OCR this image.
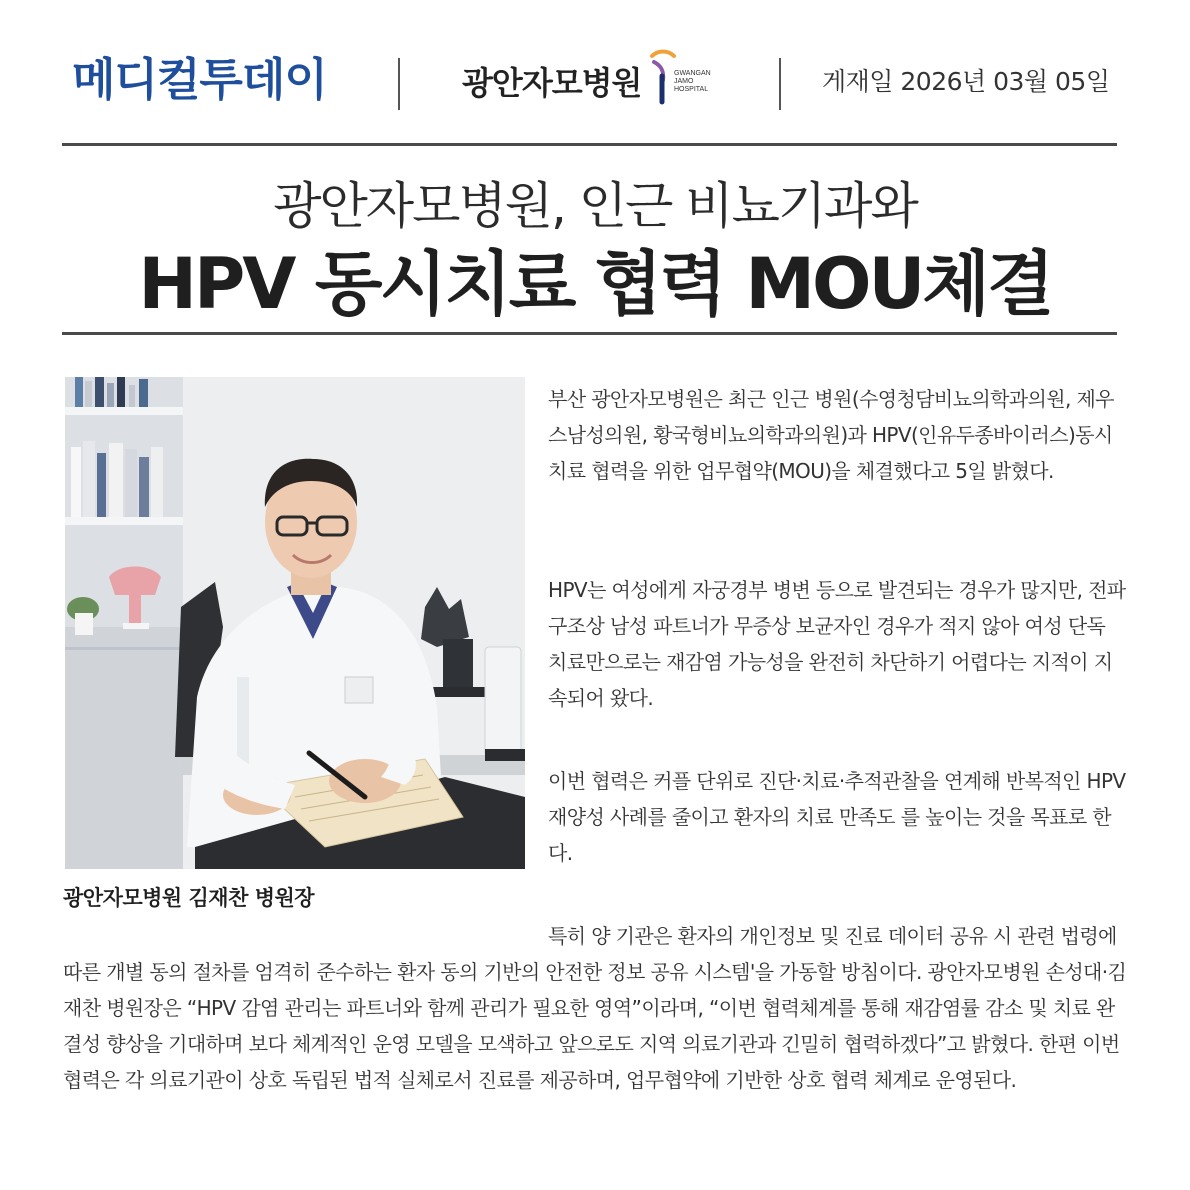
메디컬투데이	광안자모병원	GWANGAN
JAMO
HOSPITAL	게재일 2026년 03월 05일
광안자모병원, 인근 비뇨기과와
HPV 동시치료 협력 MOU체결
광안자모병원 김재찬 병원장
부산 광안자모병원은 최근 인근 병원(수영청담비뇨의학과의원, 제우스남성의원, 황국형비뇨의학과의원)과 HPV(인유두종바이러스)동시치료 협력을 위한 업무협약(MOU)을 체결했다고 5일 밝혔다.
HPV는 여성에게 자궁경부 병변 등으로 발견되는 경우가 많지만, 전파 구조상 남성 파트너가 무증상 보균자인 경우가 적지 않아 여성 단독 치료만으로는 재감염 가능성을 완전히 차단하기 어렵다는 지적이 지속되어 왔다.
이번 협력은 커플 단위로 진단·치료·추적관찰을 연계해 반복적인 HPV 재양성 사례를 줄이고 환자의 치료 만족도 를 높이는 것을 목표로 한다.
특히 양 기관은 환자의 개인정보 및 진료 데이터 공유 시 관련 법령에 따른 개별 동의 절차를 엄격히 준수하는 환자 동의 기반의 안전한 정보 공유 시스템'을 가동할 방침이다. 광안자모병원 손성대·김재찬 병원장은 “HPV 감염 관리는 파트너와 함께 관리가 필요한 영역”이라며, “이번 협력체계를 통해 재감염률 감소 및 치료 완결성 향상을 기대하며 보다 체계적인 운영 모델을 모색하고 앞으로도 지역 의료기관과 긴밀히 협력하겠다”고 밝혔다. 한편 이번 협력은 각 의료기관이 상호 독립된 법적 실체로서 진료를 제공하며, 업무협약에 기반한 상호 협력 체계로 운영된다.
